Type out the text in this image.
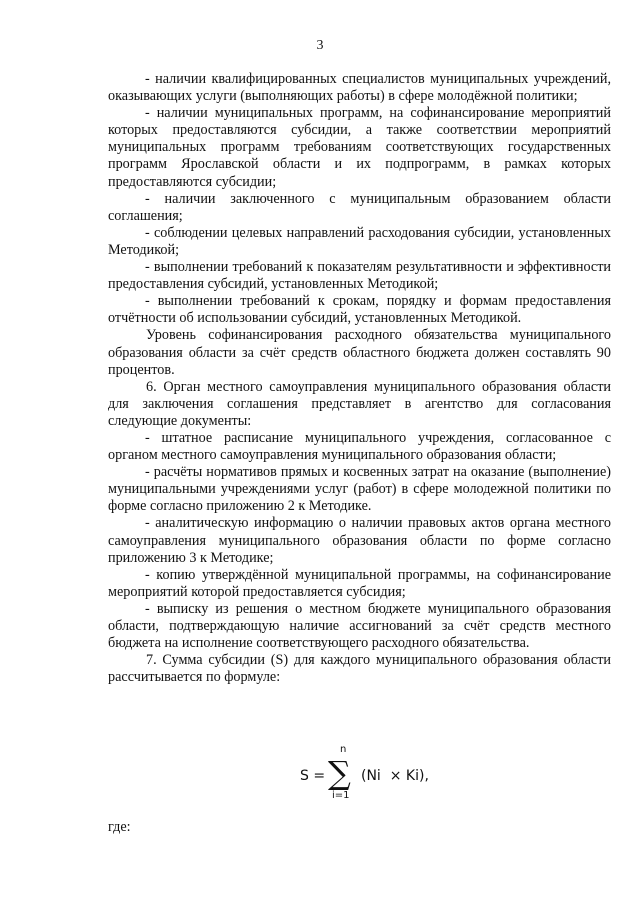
3

- наличии квалифицированных специалистов муниципальных учреждений, оказывающих услуги (выполняющих работы) в сфере молодёжной политики;

- наличии муниципальных программ, на софинансирование мероприятий которых предоставляются субсидии, а также соответствии мероприятий муниципальных программ требованиям соответствующих государственных программ Ярославской области и их подпрограмм, в рамках которых предоставляются субсидии;

- наличии заключенного с муниципальным образованием области соглашения;

- соблюдении целевых направлений расходования субсидии, установленных Методикой;

- выполнении требований к показателям результативности и эффективности предоставления субсидий, установленных Методикой;

- выполнении требований к срокам, порядку и формам предоставления отчётности об использовании субсидий, установленных Методикой.

Уровень софинансирования расходного обязательства муниципального образования области за счёт средств областного бюджета должен составлять 90 процентов.

6. Орган местного самоуправления муниципального образования области для заключения соглашения представляет в агентство для согласования следующие документы:

- штатное расписание муниципального учреждения, согласованное с органом местного самоуправления муниципального образования области;

- расчёты нормативов прямых и косвенных затрат на оказание (выполнение) муниципальными учреждениями услуг (работ) в сфере молодежной политики по форме согласно приложению 2 к Методике.

- аналитическую информацию о наличии правовых актов органа местного самоуправления муниципального образования области по форме согласно приложению 3 к Методике;

- копию утверждённой муниципальной программы, на софинансирование мероприятий которой предоставляется субсидия;

- выписку из решения о местном бюджете муниципального образования области, подтверждающую наличие ассигнований за счёт средств местного бюджета на исполнение соответствующего расходного обязательства.

7. Сумма субсидии (S) для каждого муниципального образования области рассчитывается по формуле:

S =
n
∑
i=1
(Ni  × Ki),
где:
